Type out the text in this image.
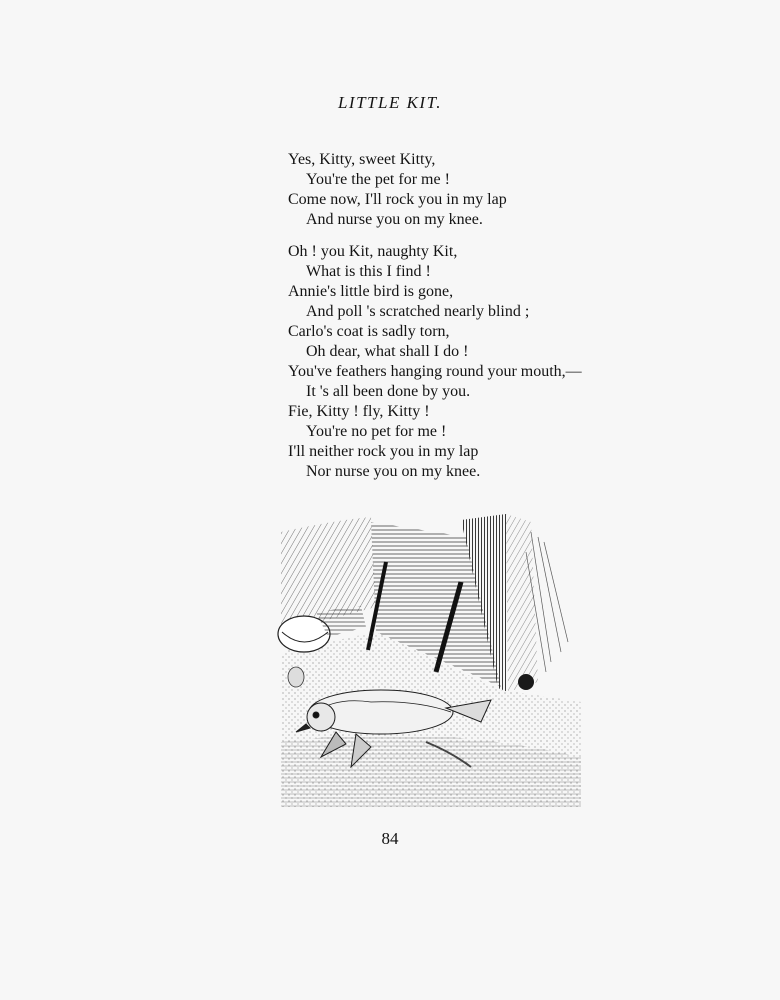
LITTLE KIT.
Yes, Kitty, sweet Kitty,
You're the pet for me !
Come now, I'll rock you in my lap
And nurse you on my knee.
Oh ! you Kit, naughty Kit,
What is this I find !
Annie's little bird is gone,
And poll 's scratched nearly blind ;
Carlo's coat is sadly torn,
Oh dear, what shall I do !
You've feathers hanging round your mouth,—
It 's all been done by you.
Fie, Kitty ! fly, Kitty !
You're no pet for me !
I'll neither rock you in my lap
Nor nurse you on my knee.
84
